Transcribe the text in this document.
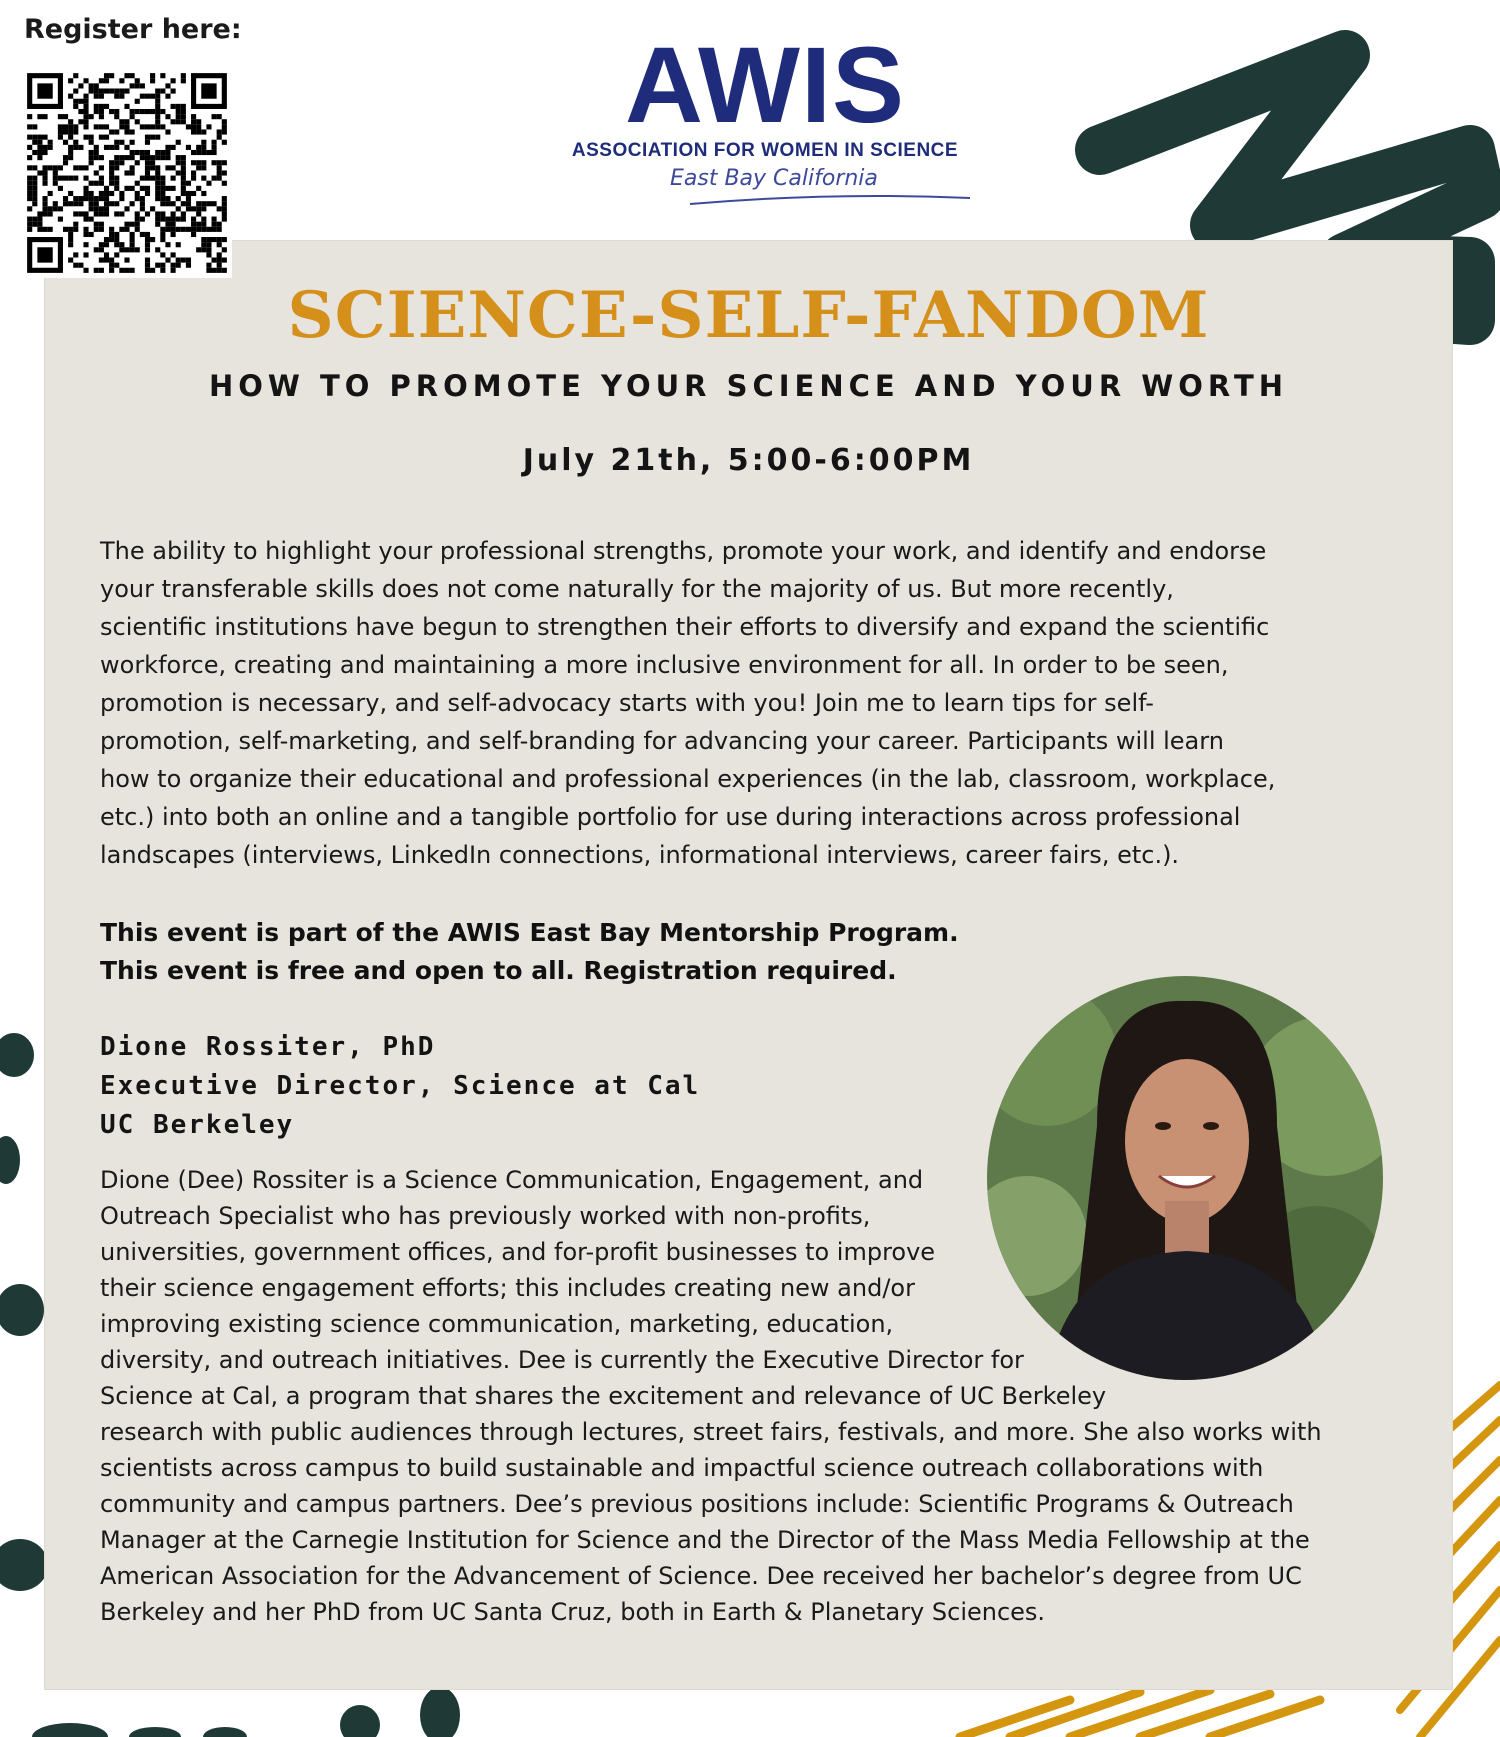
Register here:	AWIS
ASSOCIATION FOR WOMEN IN SCIENCE
East Bay California
SCIENCE-SELF-FANDOM
HOW TO PROMOTE YOUR SCIENCE AND YOUR WORTH
July 21th, 5:00-6:00PM
The ability to highlight your professional strengths, promote your work, and identify and endorse
your transferable skills does not come naturally for the majority of us. But more recently,
scientific institutions have begun to strengthen their efforts to diversify and expand the scientific
workforce, creating and maintaining a more inclusive environment for all. In order to be seen,
promotion is necessary, and self-advocacy starts with you! Join me to learn tips for self-
promotion, self-marketing, and self-branding for advancing your career. Participants will learn
how to organize their educational and professional experiences (in the lab, classroom, workplace,
etc.) into both an online and a tangible portfolio for use during interactions across professional
landscapes (interviews, LinkedIn connections, informational interviews, career fairs, etc.).
This event is part of the AWIS East Bay Mentorship Program.
This event is free and open to all. Registration required.
Dione Rossiter, PhD
Executive Director, Science at Cal
UC Berkeley
Dione (Dee) Rossiter is a Science Communication, Engagement, and
Outreach Specialist who has previously worked with non-profits,
universities, government offices, and for-profit businesses to improve
their science engagement efforts; this includes creating new and/or
improving existing science communication, marketing, education,
diversity, and outreach initiatives. Dee is currently the Executive Director for
Science at Cal, a program that shares the excitement and relevance of UC Berkeley
research with public audiences through lectures, street fairs, festivals, and more. She also works with
scientists across campus to build sustainable and impactful science outreach collaborations with
community and campus partners. Dee’s previous positions include: Scientific Programs & Outreach
Manager at the Carnegie Institution for Science and the Director of the Mass Media Fellowship at the
American Association for the Advancement of Science. Dee received her bachelor’s degree from UC
Berkeley and her PhD from UC Santa Cruz, both in Earth & Planetary Sciences.
